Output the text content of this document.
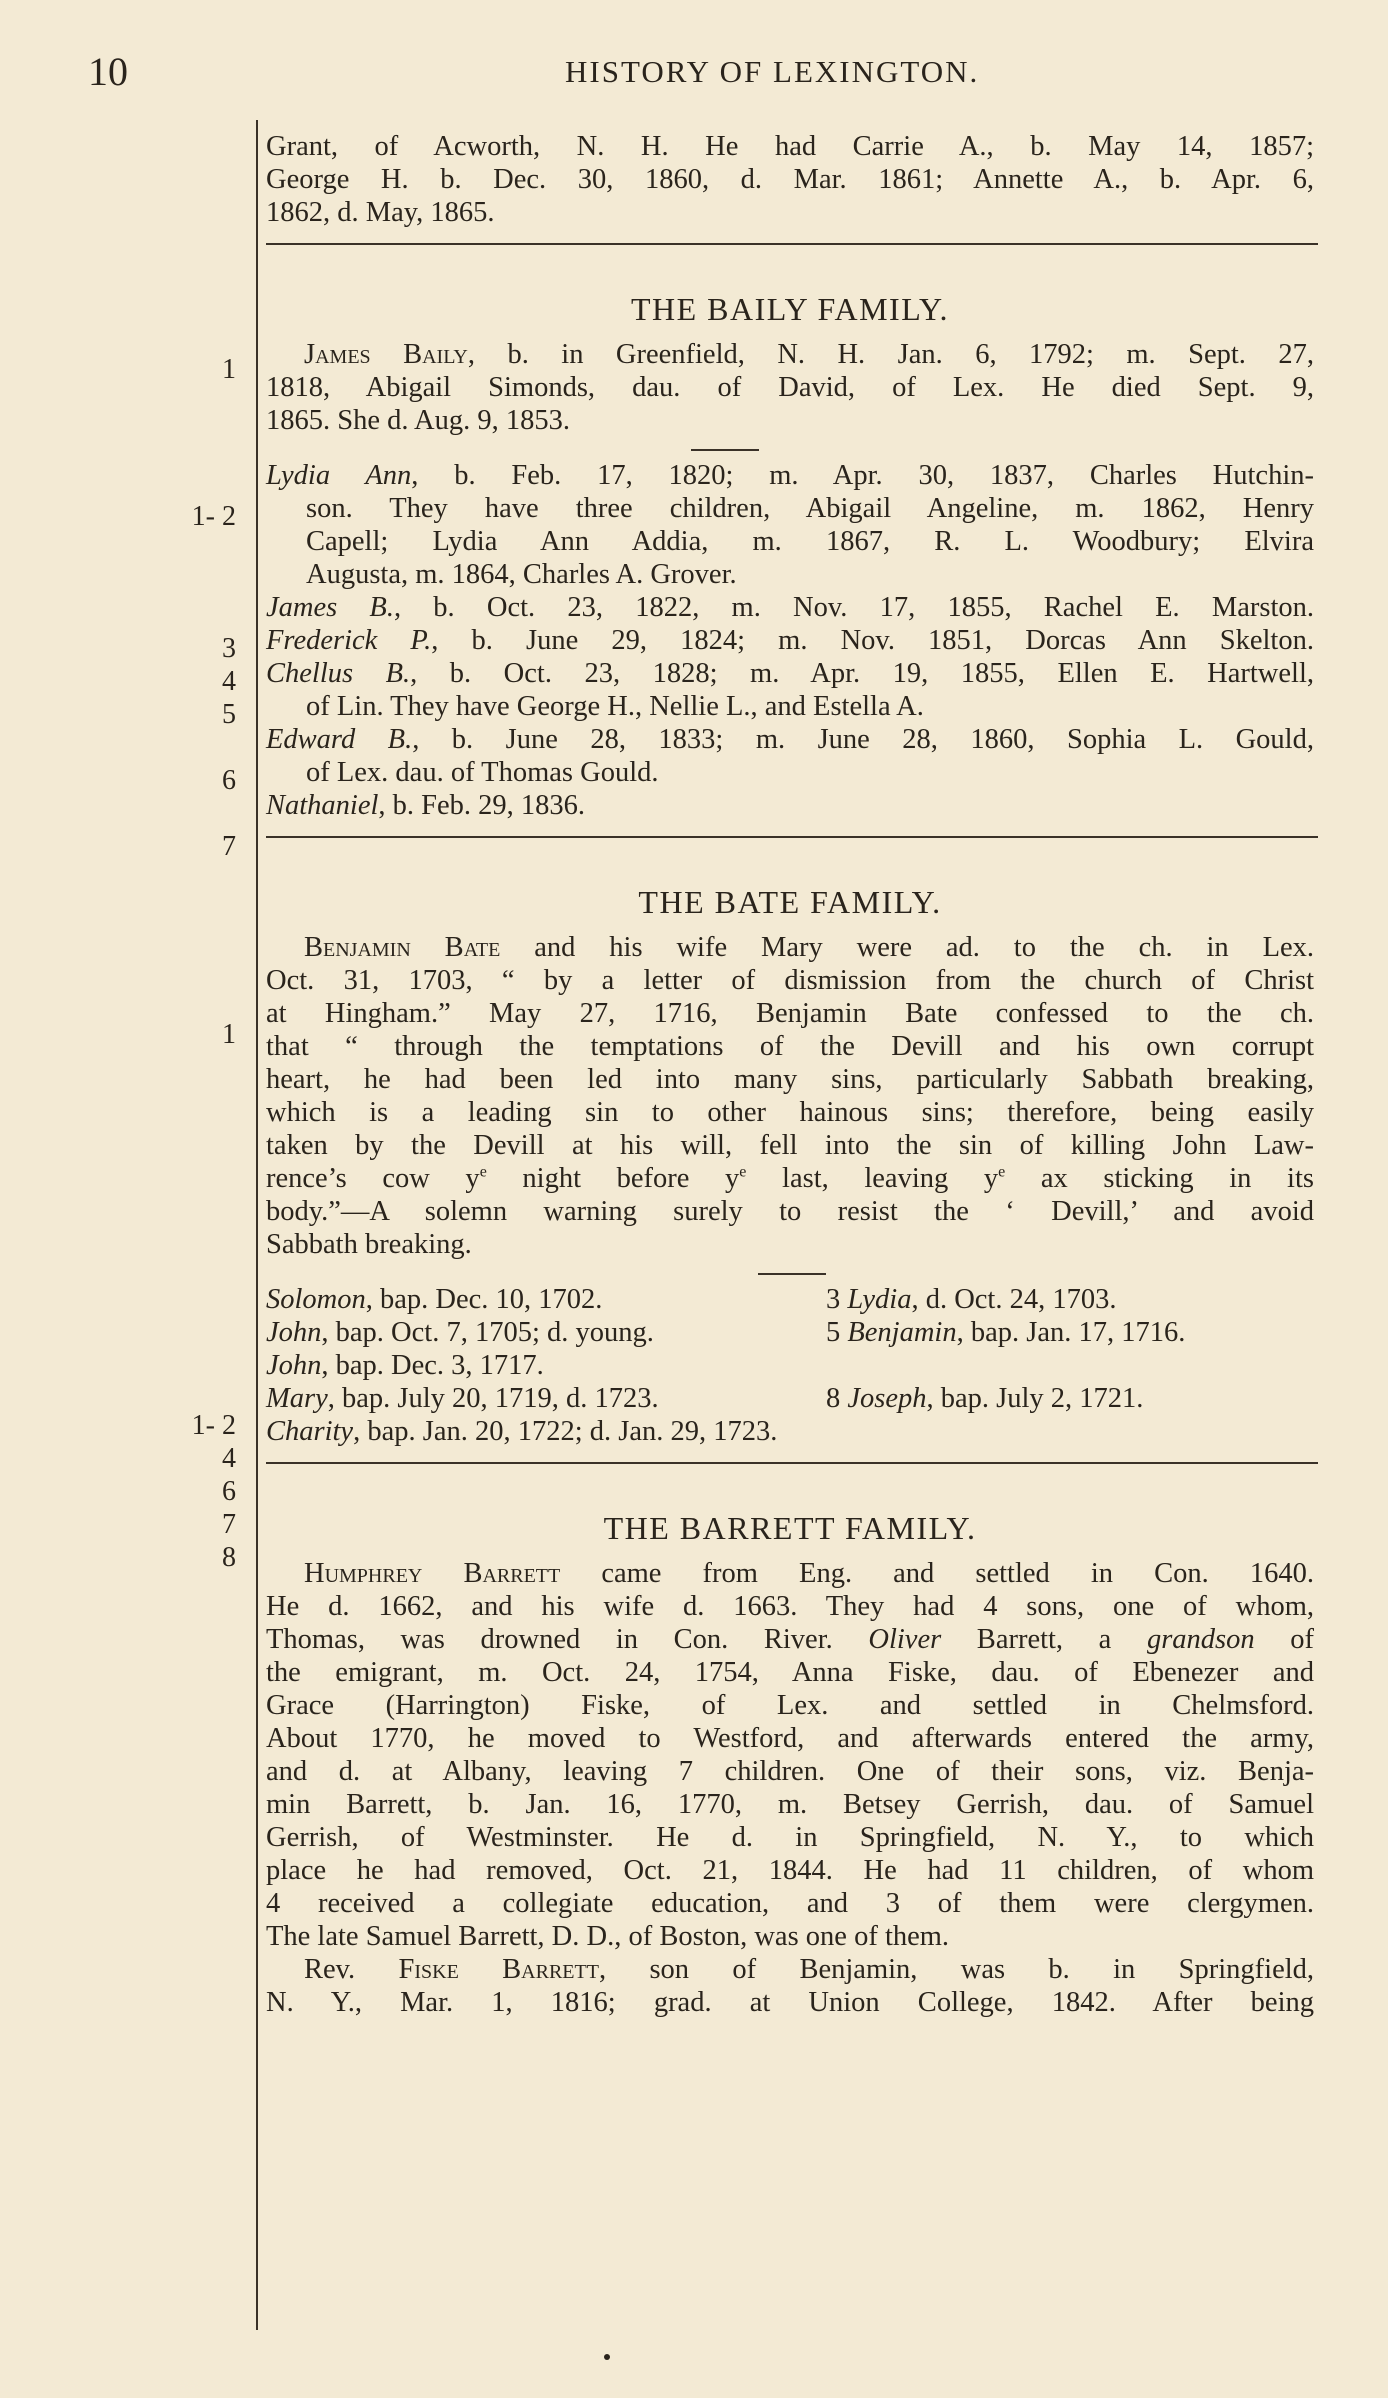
10	HISTORY OF LEXINGTON.
1
1- 2
3
4
5
6
7
1
1- 2
4
6
7
8
Grant, of Acworth, N. H. He had Carrie A., b. May 14, 1857;
George H. b. Dec. 30, 1860, d. Mar. 1861; Annette A., b. Apr. 6,
1862, d. May, 1865.
THE BAILY FAMILY.
James Baily, b. in Greenfield, N. H. Jan. 6, 1792; m. Sept. 27,
1818, Abigail Simonds, dau. of David, of Lex. He died Sept. 9,
1865. She d. Aug. 9, 1853.
Lydia Ann, b. Feb. 17, 1820; m. Apr. 30, 1837, Charles Hutchin-
son. They have three children, Abigail Angeline, m. 1862, Henry
Capell; Lydia Ann Addia, m. 1867, R. L. Woodbury; Elvira
Augusta, m. 1864, Charles A. Grover.
James B., b. Oct. 23, 1822, m. Nov. 17, 1855, Rachel E. Marston.
Frederick P., b. June 29, 1824; m. Nov. 1851, Dorcas Ann Skelton.
Chellus B., b. Oct. 23, 1828; m. Apr. 19, 1855, Ellen E. Hartwell,
of Lin. They have George H., Nellie L., and Estella A.
Edward B., b. June 28, 1833; m. June 28, 1860, Sophia L. Gould,
of Lex. dau. of Thomas Gould.
Nathaniel, b. Feb. 29, 1836.
THE BATE FAMILY.
Benjamin Bate and his wife Mary were ad. to the ch. in Lex.
Oct. 31, 1703, “ by a letter of dismission from the church of Christ
at Hingham.” May 27, 1716, Benjamin Bate confessed to the ch.
that “ through the temptations of the Devill and his own corrupt
heart, he had been led into many sins, particularly Sabbath breaking,
which is a leading sin to other hainous sins; therefore, being easily
taken by the Devill at his will, fell into the sin of killing John Law-
rence’s cow $y^e$ night before $y^e$ last, leaving $y^e$ ax sticking in its
body.”—A solemn warning surely to resist the ‘ Devill,’ and avoid
Sabbath breaking.
Solomon, bap. Dec. 10, 1702.	3 Lydia, d. Oct. 24, 1703.
John, bap. Oct. 7, 1705; d. young.	5 Benjamin, bap. Jan. 17, 1716.
John, bap. Dec. 3, 1717.
Mary, bap. July 20, 1719, d. 1723.	8 Joseph, bap. July 2, 1721.
Charity, bap. Jan. 20, 1722; d. Jan. 29, 1723.
THE BARRETT FAMILY.
Humphrey Barrett came from Eng. and settled in Con. 1640.
He d. 1662, and his wife d. 1663. They had 4 sons, one of whom,
Thomas, was drowned in Con. River. Oliver Barrett, a grandson of
the emigrant, m. Oct. 24, 1754, Anna Fiske, dau. of Ebenezer and
Grace (Harrington) Fiske, of Lex. and settled in Chelmsford.
About 1770, he moved to Westford, and afterwards entered the army,
and d. at Albany, leaving 7 children. One of their sons, viz. Benja-
min Barrett, b. Jan. 16, 1770, m. Betsey Gerrish, dau. of Samuel
Gerrish, of Westminster. He d. in Springfield, N. Y., to which
place he had removed, Oct. 21, 1844. He had 11 children, of whom
4 received a collegiate education, and 3 of them were clergymen.
The late Samuel Barrett, D. D., of Boston, was one of them.
Rev. Fiske Barrett, son of Benjamin, was b. in Springfield,
N. Y., Mar. 1, 1816; grad. at Union College, 1842. After being
